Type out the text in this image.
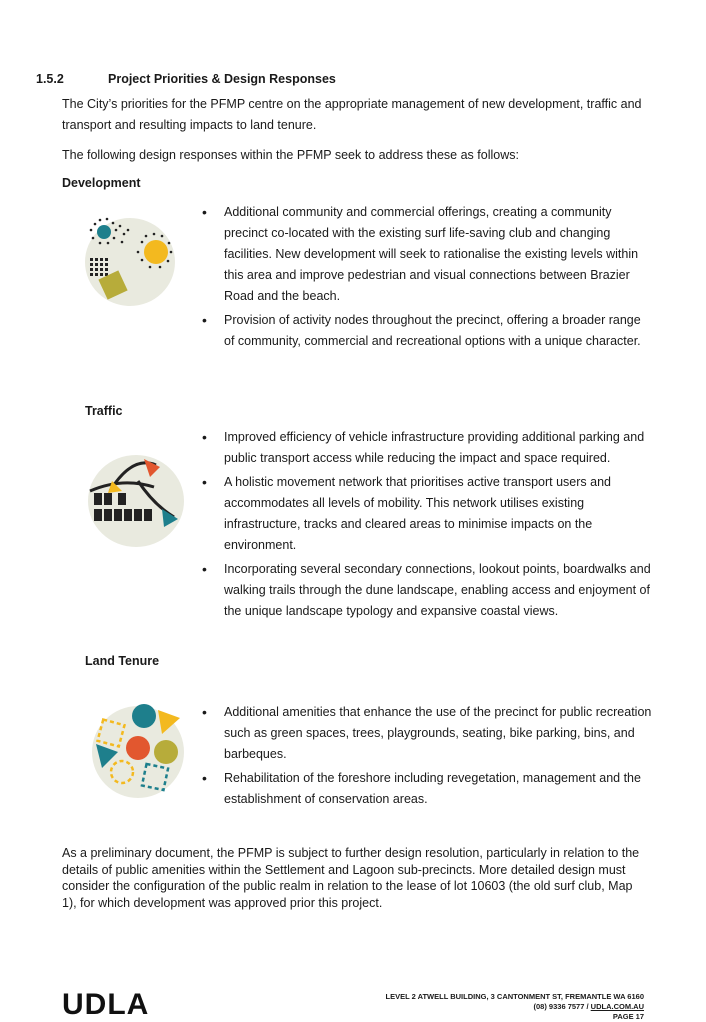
1.5.2	Project Priorities & Design Responses
The City’s priorities for the PFMP centre on the appropriate management of new development, traffic and transport and resulting impacts to land tenure.
The following design responses within the PFMP seek to address these as follows:
Development
• Additional community and commercial offerings, creating a community precinct co-located with the existing surf life-saving club and changing facilities. New development will seek to rationalise the existing levels within this area and improve pedestrian and visual connections between Brazier Road and the beach.
• Provision of activity nodes throughout the precinct, offering a broader range of community, commercial and recreational options with a unique character.
Traffic
• Improved efficiency of vehicle infrastructure providing additional parking and public transport access while reducing the impact and space required.
• A holistic movement network that prioritises active transport users and accommodates all levels of mobility. This network utilises existing infrastructure, tracks and cleared areas to minimise impacts on the environment.
• Incorporating several secondary connections, lookout points, boardwalks and walking trails through the dune landscape, enabling access and enjoyment of the unique landscape typology and expansive coastal views.
Land Tenure
• Additional amenities that enhance the use of the precinct for public recreation such as green spaces, trees, playgrounds, seating, bike parking, bins, and barbeques.
• Rehabilitation of the foreshore including revegetation, management and the establishment of conservation areas.
As a preliminary document, the PFMP is subject to further design resolution, particularly in relation to the details of public amenities within the Settlement and Lagoon sub-precincts. More detailed design must consider the configuration of the public realm in relation to the lease of lot 10603 (the old surf club, Map 1), for which development was approved prior this project.
UDLA	LEVEL 2 ATWELL BUILDING, 3 CANTONMENT ST, FREMANTLE WA 6160
(08) 9336 7577 / UDLA.COM.AU
PAGE 17
